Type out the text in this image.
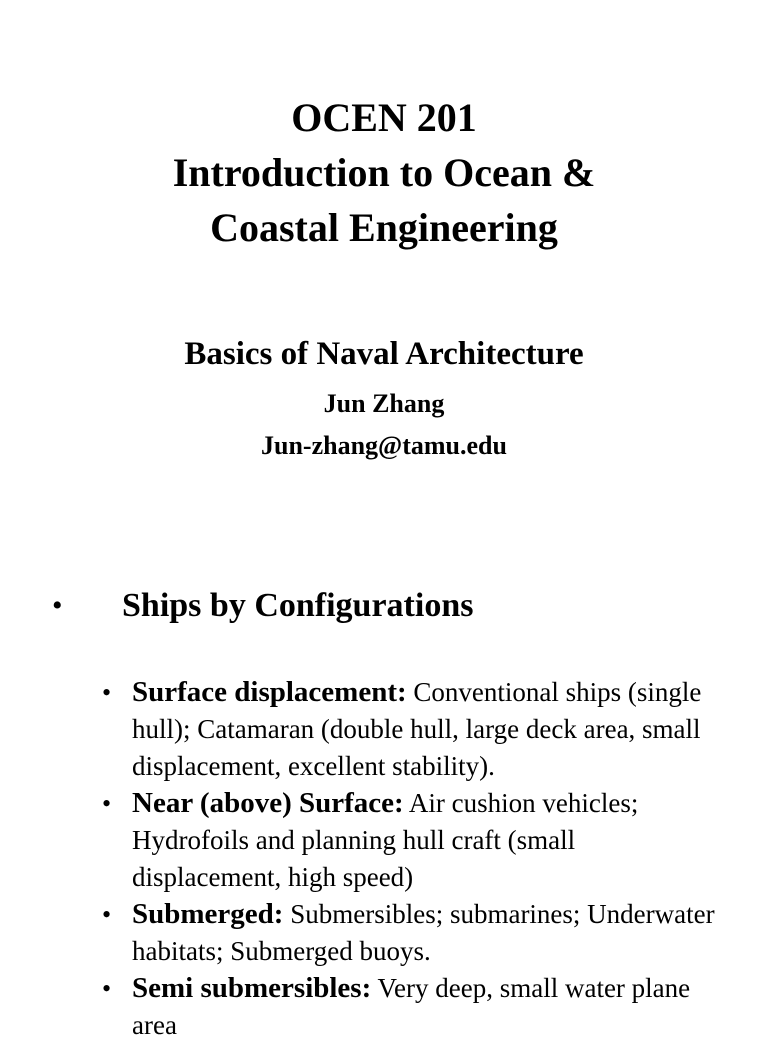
OCEN 201
Introduction to Ocean &
Coastal Engineering
Basics of Naval Architecture
Jun Zhang
Jun-zhang@tamu.edu
• Ships by Configurations
• Surface displacement: Conventional ships (single hull); Catamaran (double hull, large deck area, small displacement, excellent stability).
• Near (above) Surface: Air cushion vehicles; Hydrofoils and planning hull craft (small displacement, high speed)
• Submerged: Submersibles; submarines; Underwater habitats; Submerged buoys.
• Semi submersibles: Very deep, small water plane area
